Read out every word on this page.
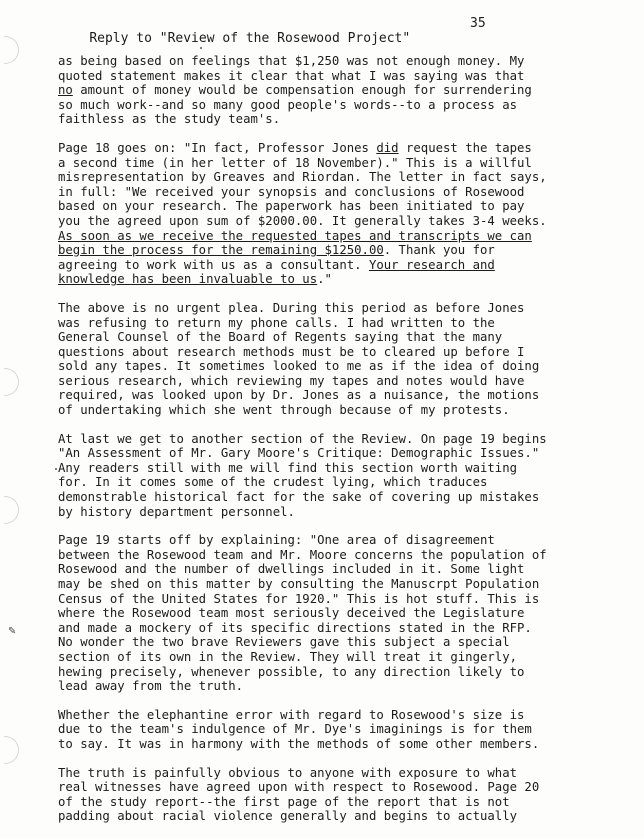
Reply to "Review of the Rosewood Project"

35

✎
as being based on feelings that $1,250 was not enough money. My
quoted statement makes it clear that what I was saying was that
no amount of money would be compensation enough for surrendering
so much work--and so many good people's words--to a process as
faithless as the study team's.
Page 18 goes on: "In fact, Professor Jones did request the tapes
a second time (in her letter of 18 November)." This is a willful
misrepresentation by Greaves and Riordan. The letter in fact says,
in full: "We received your synopsis and conclusions of Rosewood
based on your research. The paperwork has been initiated to pay
you the agreed upon sum of $2000.00. It generally takes 3-4 weeks.
As soon as we receive the requested tapes and transcripts we can
begin the process for the remaining $1250.00. Thank you for
agreeing to work with us as a consultant. Your research and
knowledge has been invaluable to us."
The above is no urgent plea. During this period as before Jones
was refusing to return my phone calls. I had written to the
General Counsel of the Board of Regents saying that the many
questions about research methods must be to cleared up before I
sold any tapes. It sometimes looked to me as if the idea of doing
serious research, which reviewing my tapes and notes would have
required, was looked upon by Dr. Jones as a nuisance, the motions
of undertaking which she went through because of my protests.
At last we get to another section of the Review. On page 19 begins
"An Assessment of Mr. Gary Moore's Critique: Demographic Issues."
Any readers still with me will find this section worth waiting
for. In it comes some of the crudest lying, which traduces
demonstrable historical fact for the sake of covering up mistakes
by history department personnel.
Page 19 starts off by explaining: "One area of disagreement
between the Rosewood team and Mr. Moore concerns the population of
Rosewood and the number of dwellings included in it. Some light
may be shed on this matter by consulting the Manuscrpt Population
Census of the United States for 1920." This is hot stuff. This is
where the Rosewood team most seriously deceived the Legislature
and made a mockery of its specific directions stated in the RFP.
No wonder the two brave Reviewers gave this subject a special
section of its own in the Review. They will treat it gingerly,
hewing precisely, whenever possible, to any direction likely to
lead away from the truth.
Whether the elephantine error with regard to Rosewood's size is
due to the team's indulgence of Mr. Dye's imaginings is for them
to say. It was in harmony with the methods of some other members.
The truth is painfully obvious to anyone with exposure to what
real witnesses have agreed upon with respect to Rosewood. Page 20
of the study report--the first page of the report that is not
padding about racial violence generally and begins to actually
